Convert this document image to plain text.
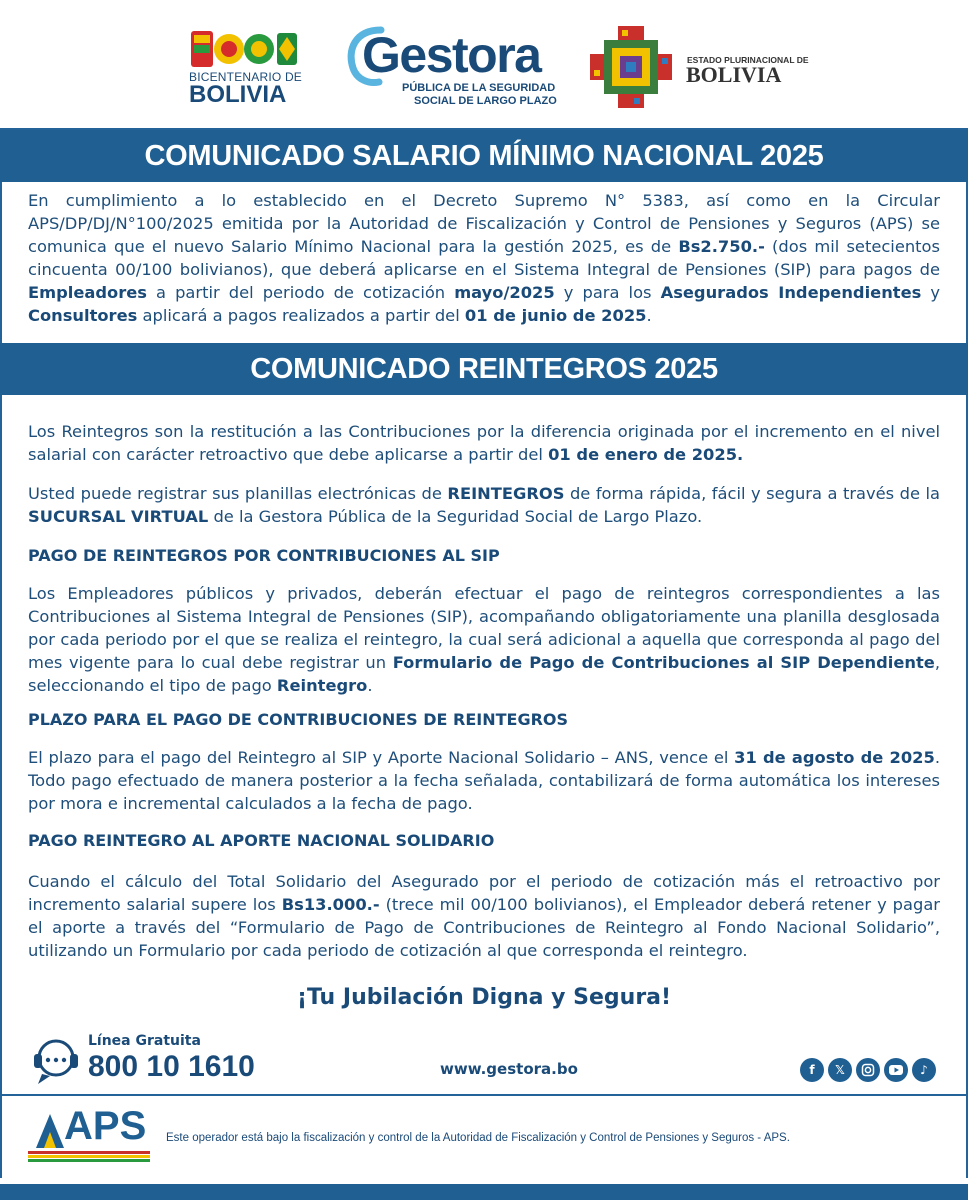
BICENTENARIO DE
BOLIVIA
Gestora
PÚBLICA DE LA SEGURIDAD
SOCIAL DE LARGO PLAZO
ESTADO PLURINACIONAL DE
BOLIVIA
COMUNICADO SALARIO MÍNIMO NACIONAL 2025

En cumplimiento a lo establecido en el Decreto Supremo N° 5383, así como en la Circular APS/DP/DJ/N°100/2025 emitida por la Autoridad de Fiscalización y Control de Pensiones y Seguros (APS) se comunica que el nuevo Salario Mínimo Nacional para la gestión 2025, es de Bs2.750.- (dos mil setecientos cincuenta 00/100 bolivianos), que deberá aplicarse en el Sistema Integral de Pensiones (SIP) para pagos de Empleadores a partir del periodo de cotización mayo/2025 y para los Asegurados Independientes y Consultores aplicará a pagos realizados a partir del 01 de junio de 2025.

COMUNICADO REINTEGROS 2025

Los Reintegros son la restitución a las Contribuciones por la diferencia originada por el incremento en el nivel salarial con carácter retroactivo que debe aplicarse a partir del 01 de enero de 2025.

Usted puede registrar sus planillas electrónicas de REINTEGROS de forma rápida, fácil y segura a través de la SUCURSAL VIRTUAL de la Gestora Pública de la Seguridad Social de Largo Plazo.

PAGO DE REINTEGROS POR CONTRIBUCIONES AL SIP

Los Empleadores públicos y privados, deberán efectuar el pago de reintegros correspondientes a las Contribuciones al Sistema Integral de Pensiones (SIP), acompañando obligatoriamente una planilla desglosada por cada periodo por el que se realiza el reintegro, la cual será adicional a aquella que corresponda al pago del mes vigente para lo cual debe registrar un Formulario de Pago de Contribuciones al SIP Dependiente, seleccionando el tipo de pago Reintegro.

PLAZO PARA EL PAGO DE CONTRIBUCIONES DE REINTEGROS

El plazo para el pago del Reintegro al SIP y Aporte Nacional Solidario – ANS, vence el 31 de agosto de 2025. Todo pago efectuado de manera posterior a la fecha señalada, contabilizará de forma automática los intereses por mora e incremental calculados a la fecha de pago.

PAGO REINTEGRO AL APORTE NACIONAL SOLIDARIO

Cuando el cálculo del Total Solidario del Asegurado por el periodo de cotización más el retroactivo por incremento salarial supere los Bs13.000.- (trece mil 00/100 bolivianos), el Empleador deberá retener y pagar el aporte a través del “Formulario de Pago de Contribuciones de Reintegro al Fondo Nacional Solidario”, utilizando un Formulario por cada periodo de cotización al que corresponda el reintegro.

¡Tu Jubilación Digna y Segura!
Línea Gratuita
800 10 1610	www.gestora.bo	f	𝕏	♪
APS Este operador está bajo la fiscalización y control de la Autoridad de Fiscalización y Control de Pensiones y Seguros - APS.
